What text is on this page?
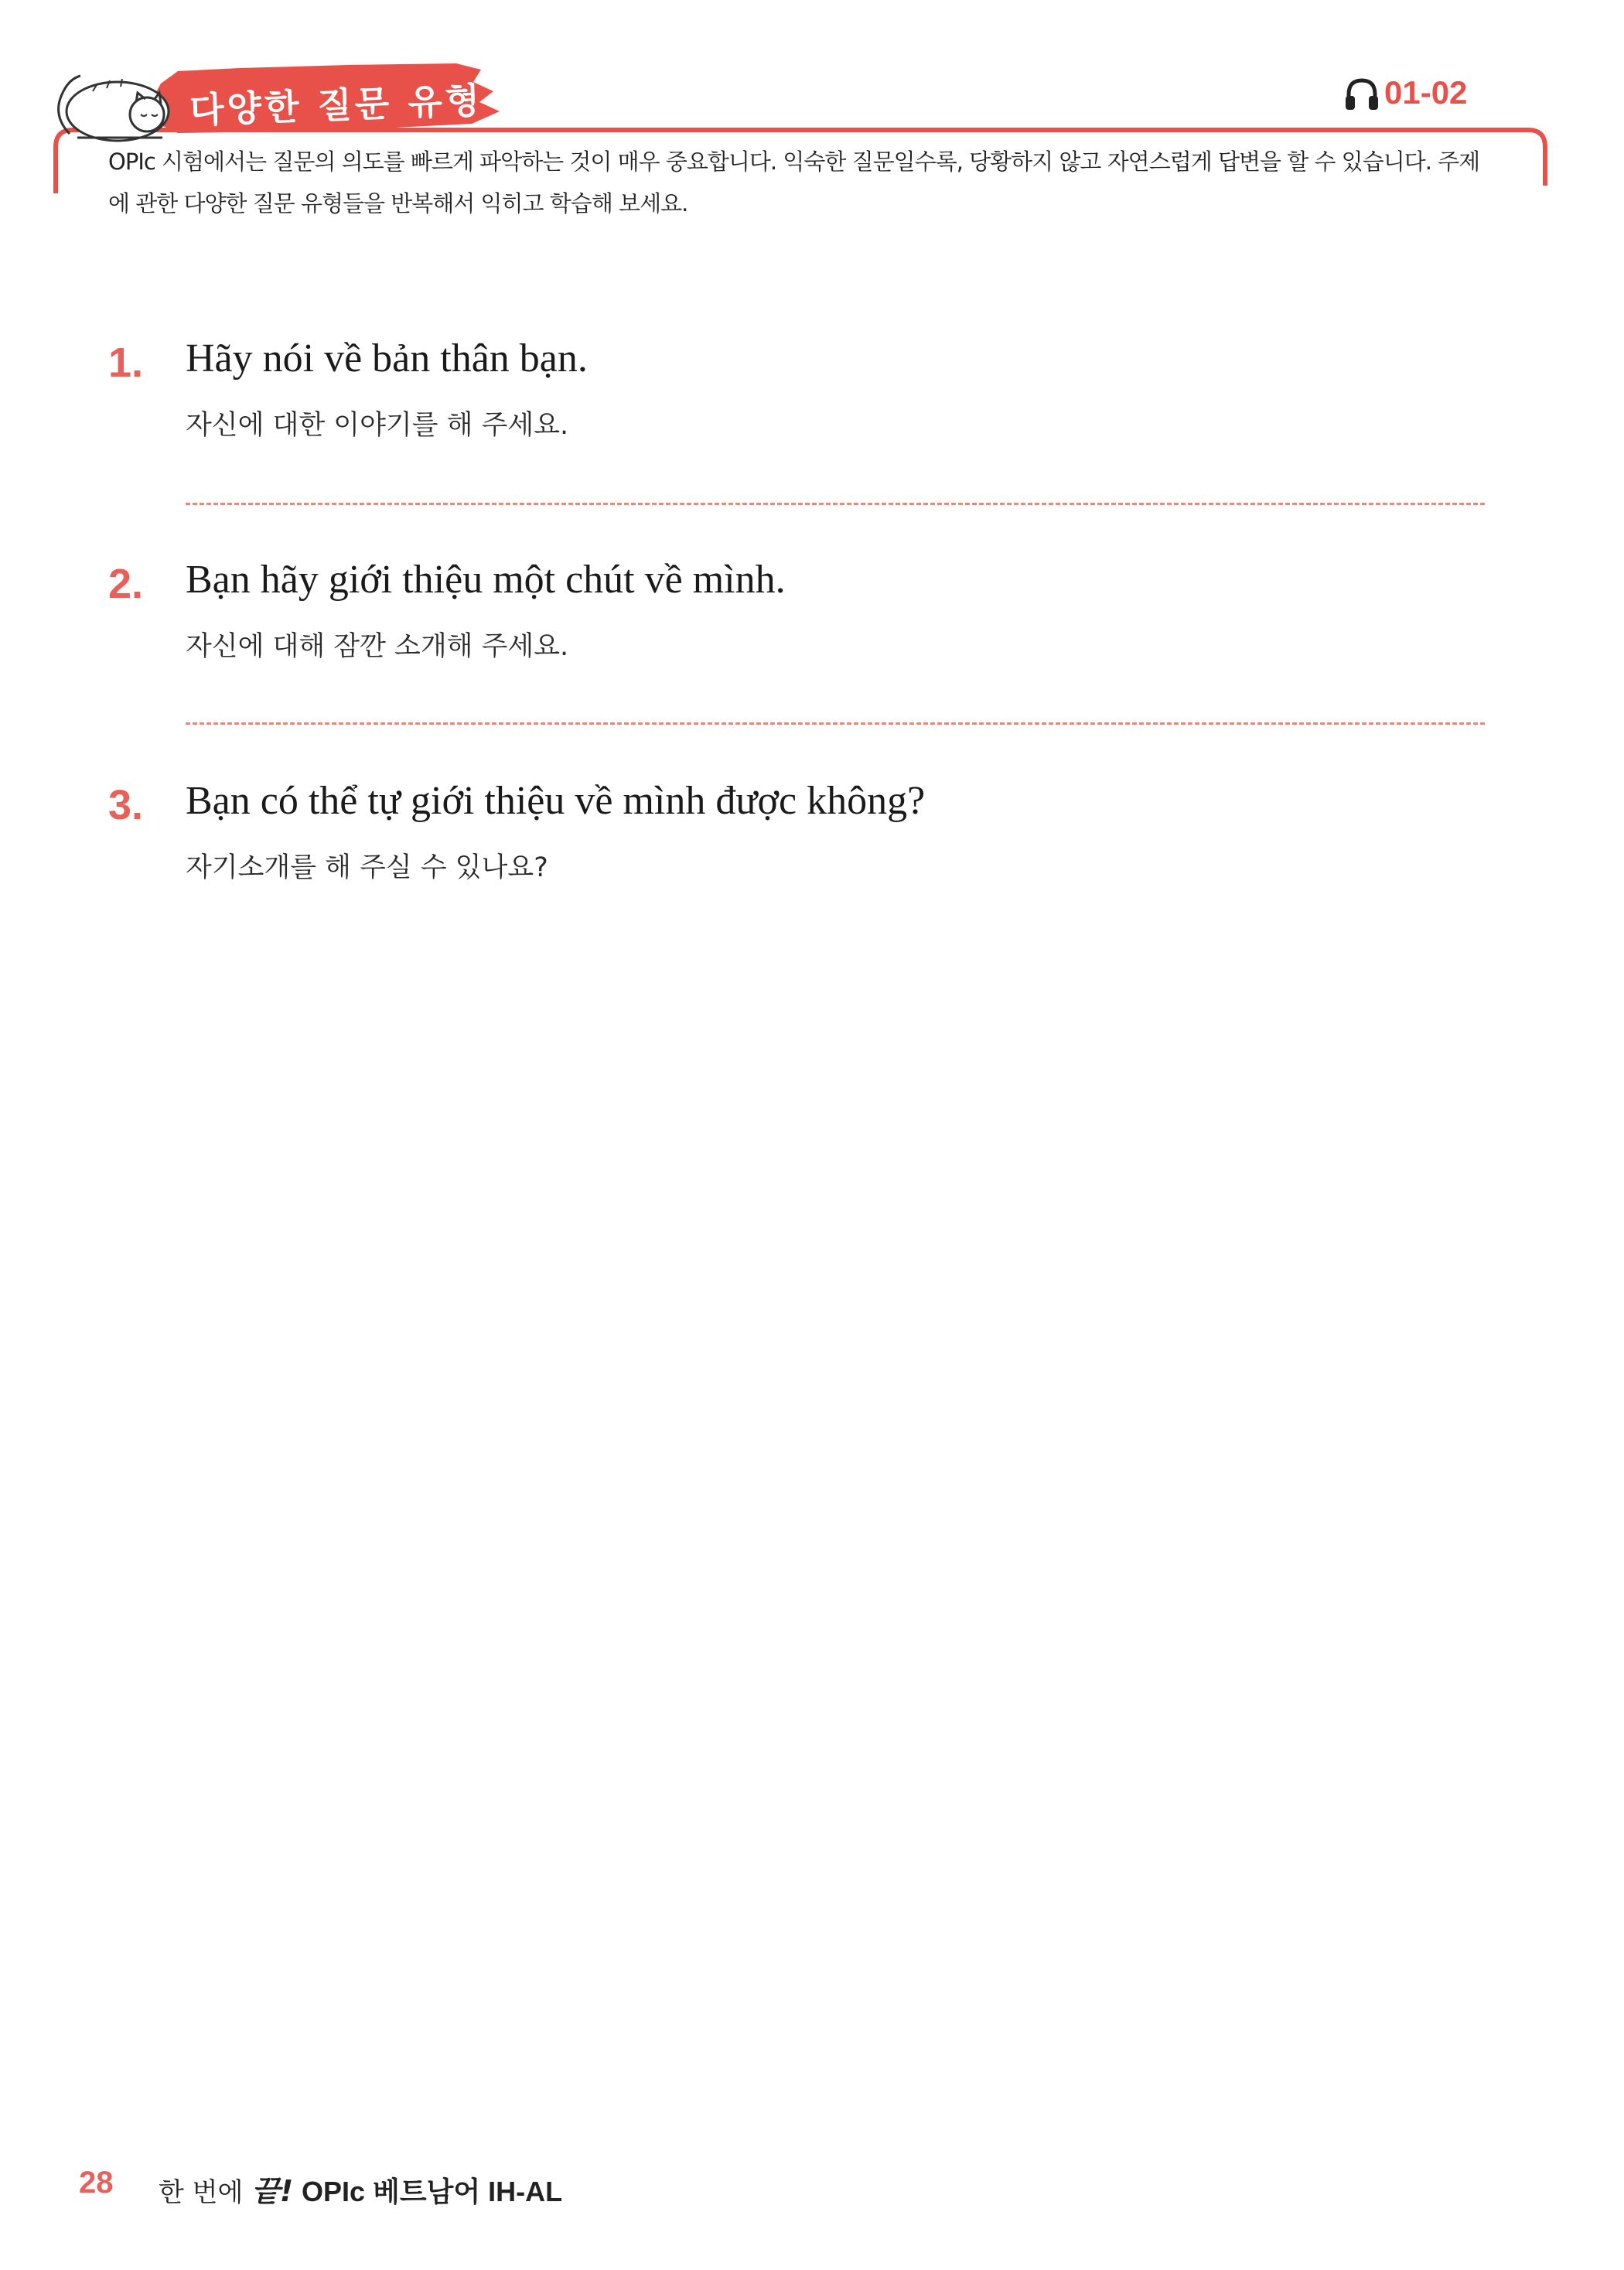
다양한 질문 유형	01-02
OPIc 시험에서는 질문의 의도를 빠르게 파악하는 것이 매우 중요합니다. 익숙한 질문일수록, 당황하지 않고 자연스럽게 답변을 할 수 있습니다. 주제에 관한 다양한 질문 유형들을 반복해서 익히고 학습해 보세요.
1. Hãy nói về bản thân bạn.
자신에 대한 이야기를 해 주세요.
2. Bạn hãy giới thiệu một chút về mình.
자신에 대해 잠깐 소개해 주세요.
3. Bạn có thể tự giới thiệu về mình được không?
자기소개를 해 주실 수 있나요?
28 한 번에 끝! OPIc 베트남어 IH-AL
